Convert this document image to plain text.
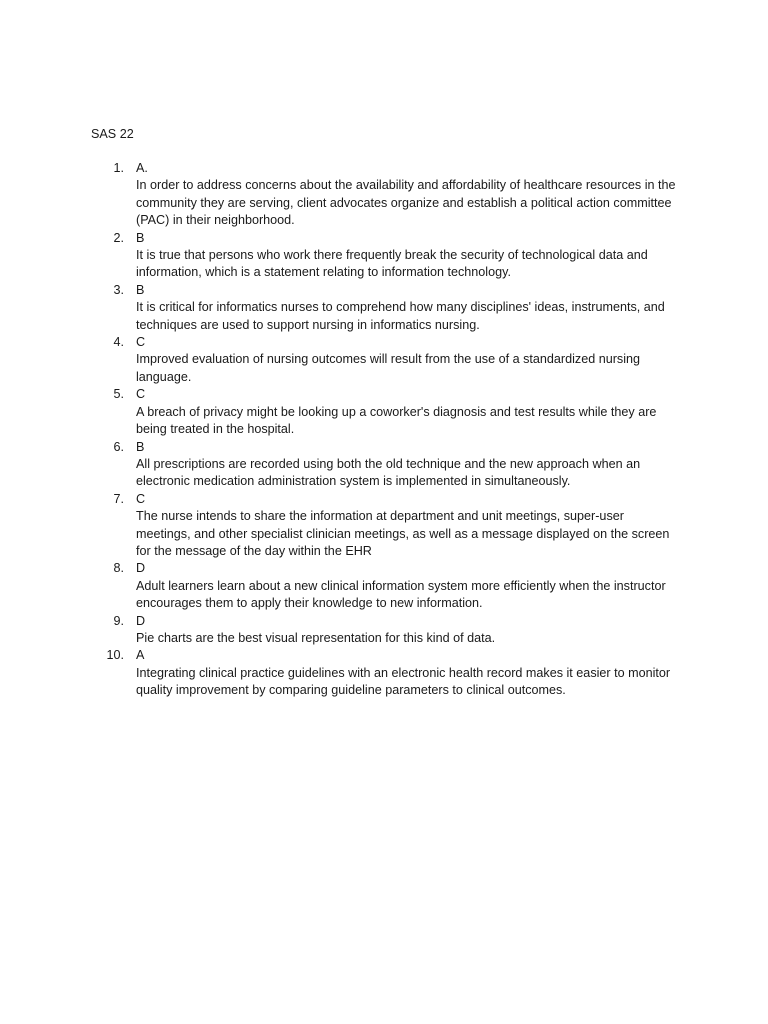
SAS 22
1. A.
In order to address concerns about the availability and affordability of healthcare resources in the community they are serving, client advocates organize and establish a political action committee (PAC) in their neighborhood.
2. B
It is true that persons who work there frequently break the security of technological data and information, which is a statement relating to information technology.
3. B
It is critical for informatics nurses to comprehend how many disciplines' ideas, instruments, and techniques are used to support nursing in informatics nursing.
4. C
Improved evaluation of nursing outcomes will result from the use of a standardized nursing language.
5. C
A breach of privacy might be looking up a coworker's diagnosis and test results while they are being treated in the hospital.
6. B
All prescriptions are recorded using both the old technique and the new approach when an electronic medication administration system is implemented in simultaneously.
7. C
The nurse intends to share the information at department and unit meetings, super-user meetings, and other specialist clinician meetings, as well as a message displayed on the screen for the message of the day within the EHR
8. D
Adult learners learn about a new clinical information system more efficiently when the instructor encourages them to apply their knowledge to new information.
9. D
Pie charts are the best visual representation for this kind of data.
10. A
Integrating clinical practice guidelines with an electronic health record makes it easier to monitor quality improvement by comparing guideline parameters to clinical outcomes.
